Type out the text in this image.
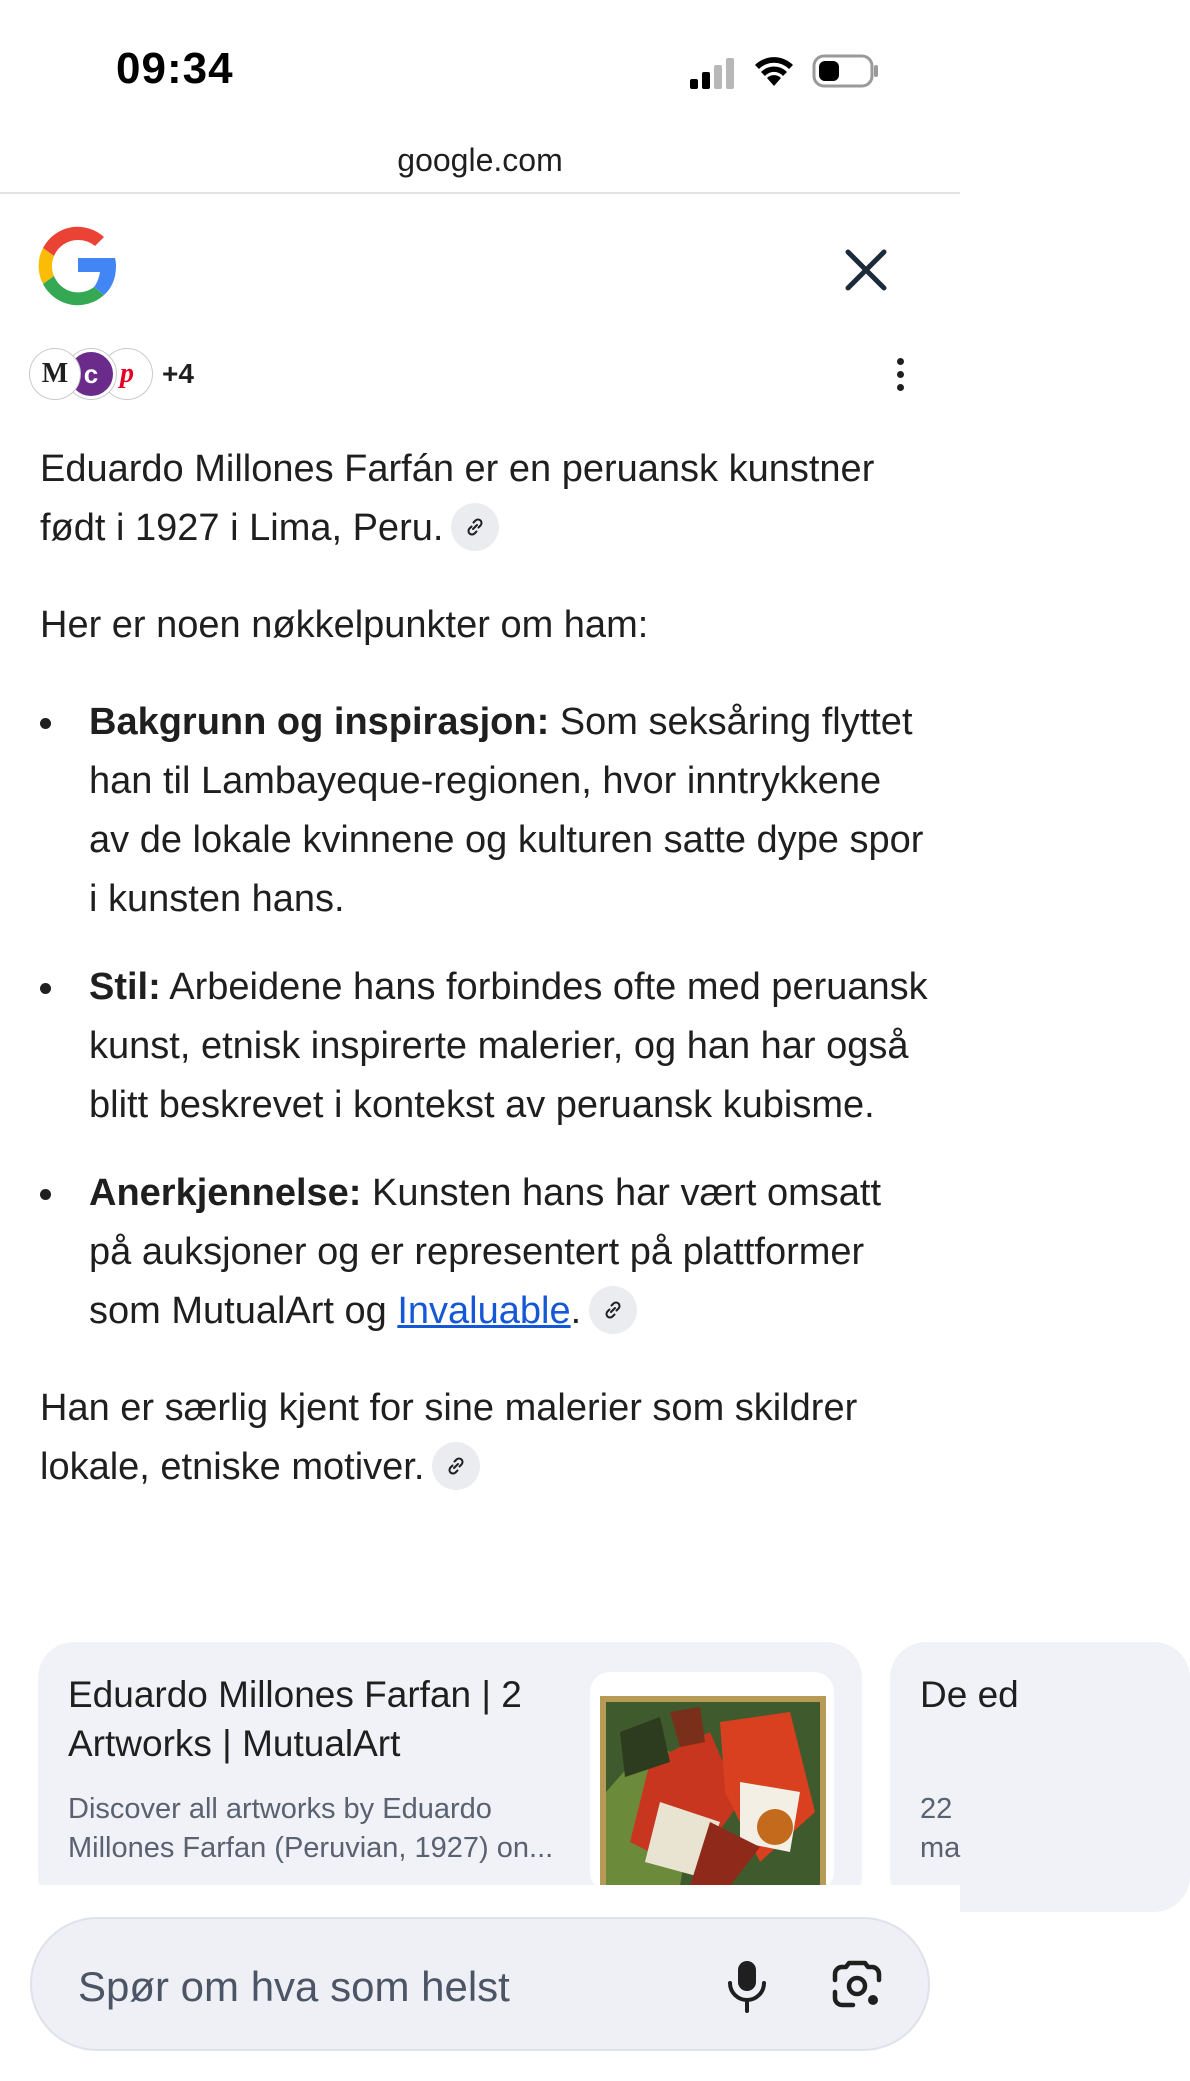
09:34
google.com
M c p	+4

Eduardo Millones Farfán er en peruansk kunstner født i 1927 i Lima, Peru.

Her er noen nøkkelpunkter om ham:

Bakgrunn og inspirasjon: Som seksåring flyttet han til Lambayeque-regionen, hvor inntrykkene av de lokale kvinnene og kulturen satte dype spor i kunsten hans.
Stil: Arbeidene hans forbindes ofte med peruansk kunst, etnisk inspirerte malerier, og han har også blitt beskrevet i kontekst av peruansk kubisme.
Anerkjennelse: Kunsten hans har vært omsatt på auksjoner og er representert på plattformer som MutualArt og Invaluable.

Han er særlig kjent for sine malerier som skildrer lokale, etniske motiver.

Eduardo Millones Farfan | 2 Artworks | MutualArt
Discover all artworks by Eduardo
Millones Farfan (Peruvian, 1927) on...
De ed
22
ma
Spør om hva som helst
